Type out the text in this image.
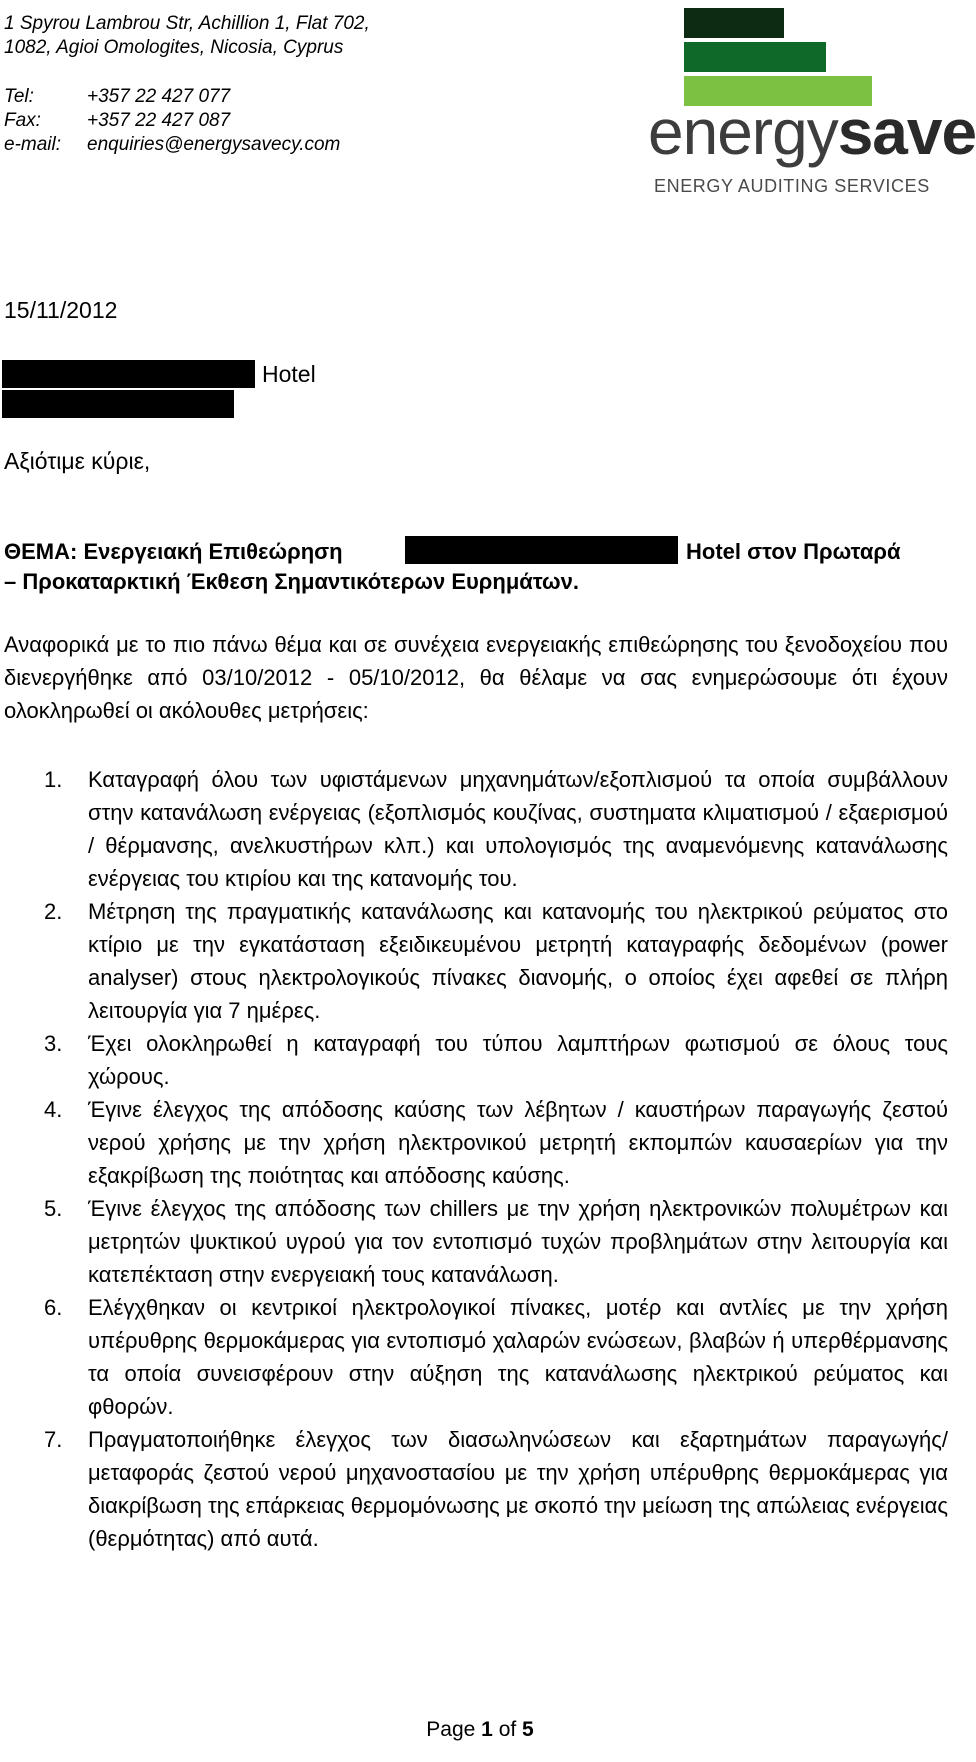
1 Spyrou Lambrou Str, Achillion 1, Flat 702,
1082, Agioi Omologites, Nicosia, Cyprus
Tel:	+357 22 427 077
Fax:	+357 22 427 087
e-mail:	enquiries@energysavecy.com	energysave
ENERGY AUDITING SERVICES
15/11/2012
Hotel
Αξιότιμε κύριε,
ΘΕΜΑ: Ενεργειακή Επιθεώρηση	Hotel στον Πρωταρά
– Προκαταρκτική Έκθεση Σημαντικότερων Ευρημάτων.
Αναφορικά με το πιο πάνω θέμα και σε συνέχεια ενεργειακής επιθεώρησης του ξενοδοχείου που διενεργήθηκε από 03/10/2012 - 05/10/2012, θα θέλαμε να σας ενημερώσουμε ότι έχουν ολοκληρωθεί οι ακόλουθες μετρήσεις:
1. Καταγραφή όλου των υφιστάμενων μηχανημάτων/εξοπλισμού τα οποία συμβάλλουν στην κατανάλωση ενέργειας (εξοπλισμός κουζίνας, συστηματα κλιματισμού / εξαερισμού / θέρμανσης, ανελκυστήρων κλπ.) και υπολογισμός της αναμενόμενης κατανάλωσης ενέργειας του κτιρίου και της κατανομής του.
2. Μέτρηση της πραγματικής κατανάλωσης και κατανομής του ηλεκτρικού ρεύματος στο κτίριο με την εγκατάσταση εξειδικευμένου μετρητή καταγραφής δεδομένων (power analyser) στους ηλεκτρολογικούς πίνακες διανομής, ο οποίος έχει αφεθεί σε πλήρη λειτουργία για 7 ημέρες.
3. Έχει ολοκληρωθεί η καταγραφή του τύπου λαμπτήρων φωτισμού σε όλους τους χώρους.
4. Έγινε έλεγχος της απόδοσης καύσης των λέβητων / καυστήρων παραγωγής ζεστού νερού χρήσης με την χρήση ηλεκτρονικού μετρητή εκπομπών καυσαερίων για την εξακρίβωση της ποιότητας και απόδοσης καύσης.
5. Έγινε έλεγχος της απόδοσης των chillers με την χρήση ηλεκτρονικών πολυμέτρων και μετρητών ψυκτικού υγρού για τον εντοπισμό τυχών προβλημάτων στην λειτουργία και κατεπέκταση στην ενεργειακή τους κατανάλωση.
6. Ελέγχθηκαν οι κεντρικοί ηλεκτρολογικοί πίνακες, μοτέρ και αντλίες με την χρήση υπέρυθρης θερμοκάμερας για εντοπισμό χαλαρών ενώσεων, βλαβών ή υπερθέρμανσης τα οποία συνεισφέρουν στην αύξηση της κατανάλωσης ηλεκτρικού ρεύματος και φθορών.
7. Πραγματοποιήθηκε έλεγχος των διασωληνώσεων και εξαρτημάτων παραγωγής/μεταφοράς ζεστού νερού μηχανοστασίου με την χρήση υπέρυθρης θερμοκάμερας για διακρίβωση της επάρκειας θερμομόνωσης με σκοπό την μείωση της απώλειας ενέργειας (θερμότητας) από αυτά.
Page 1 of 5
